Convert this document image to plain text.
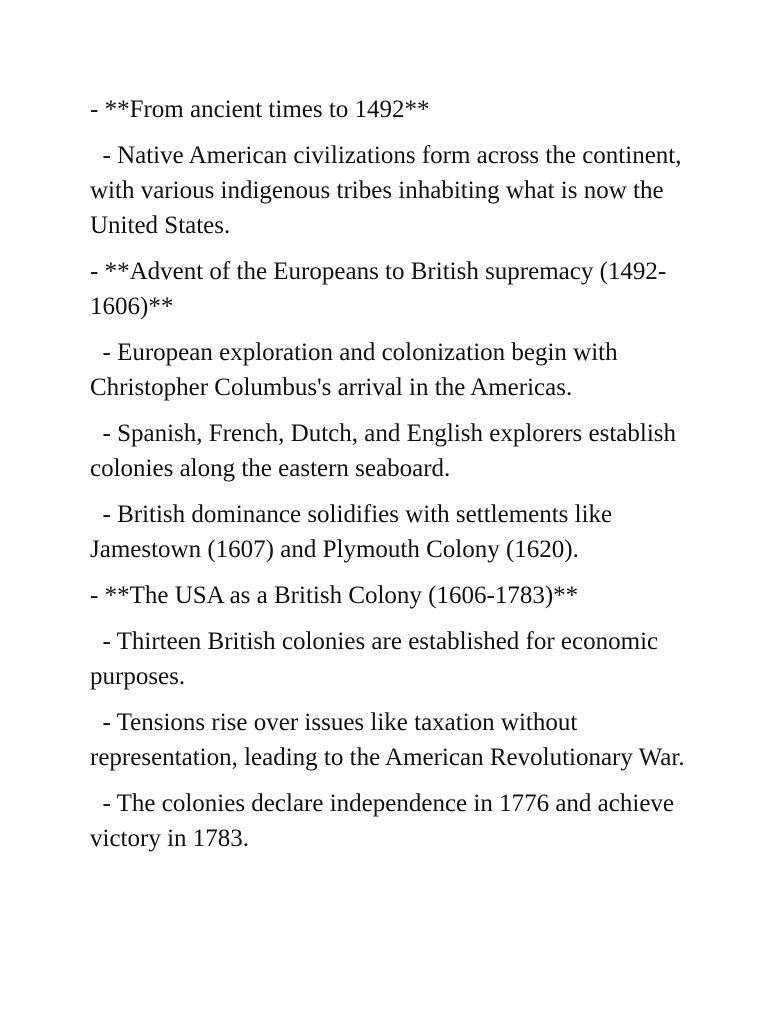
- **From ancient times to 1492**

- Native American civilizations form across the continent, with various indigenous tribes inhabiting what is now the United States.

- **Advent of the Europeans to British supremacy (1492-1606)**

- European exploration and colonization begin with Christopher Columbus's arrival in the Americas.

- Spanish, French, Dutch, and English explorers establish colonies along the eastern seaboard.

- British dominance solidifies with settlements like Jamestown (1607) and Plymouth Colony (1620).

- **The USA as a British Colony (1606-1783)**

- Thirteen British colonies are established for economic purposes.

- Tensions rise over issues like taxation without representation, leading to the American Revolutionary War.

- The colonies declare independence in 1776 and achieve victory in 1783.
